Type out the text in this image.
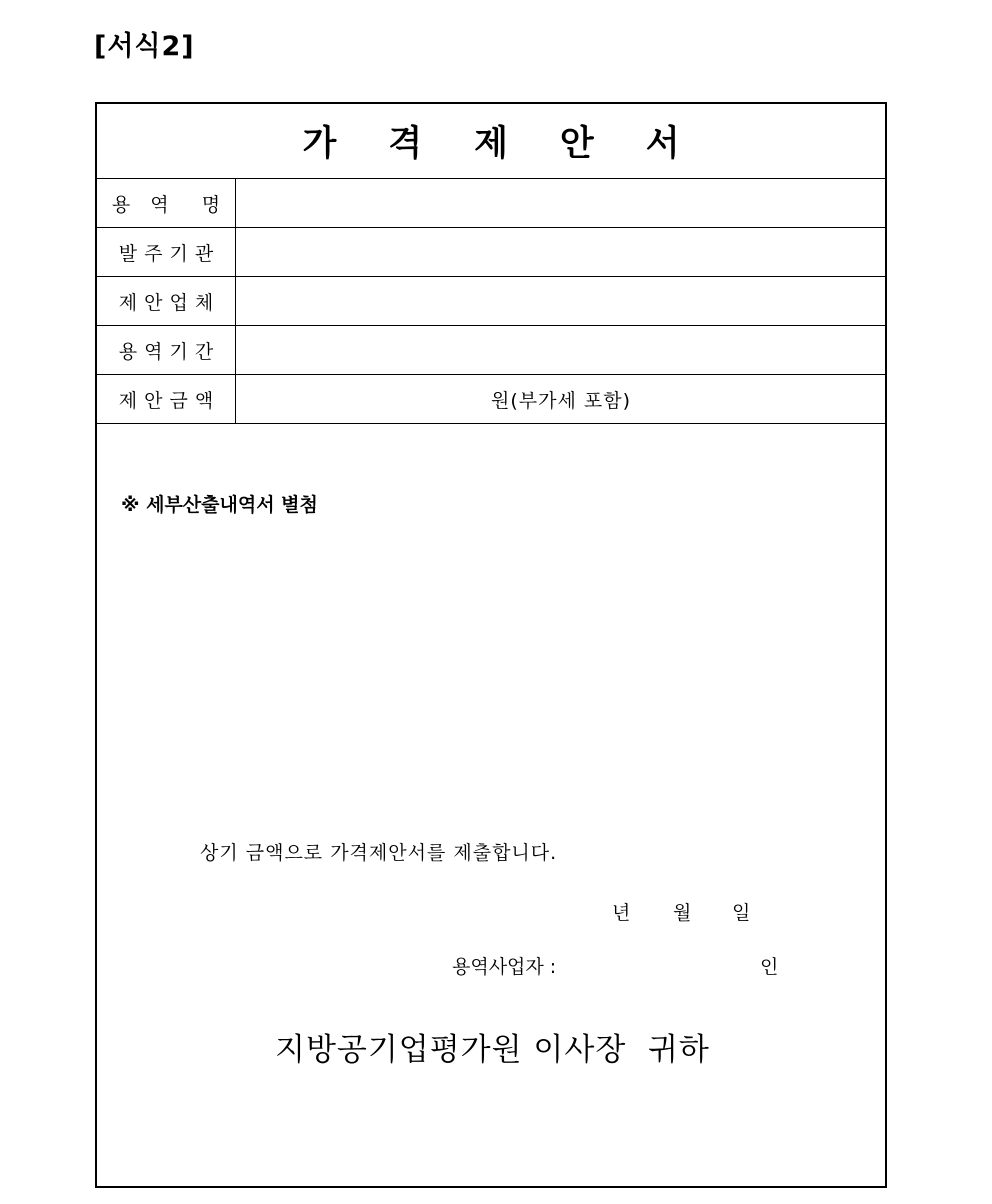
[서식2]
가격제안서
용 역  명
발주기관
제안업체
용역기간
제안금액	원(부가세 포함)
※ 세부산출내역서 별첨
상기 금액으로 가격제안서를 제출합니다.
년 월 일
용역사업자 :	인
지방공기업평가원 이사장  귀하
